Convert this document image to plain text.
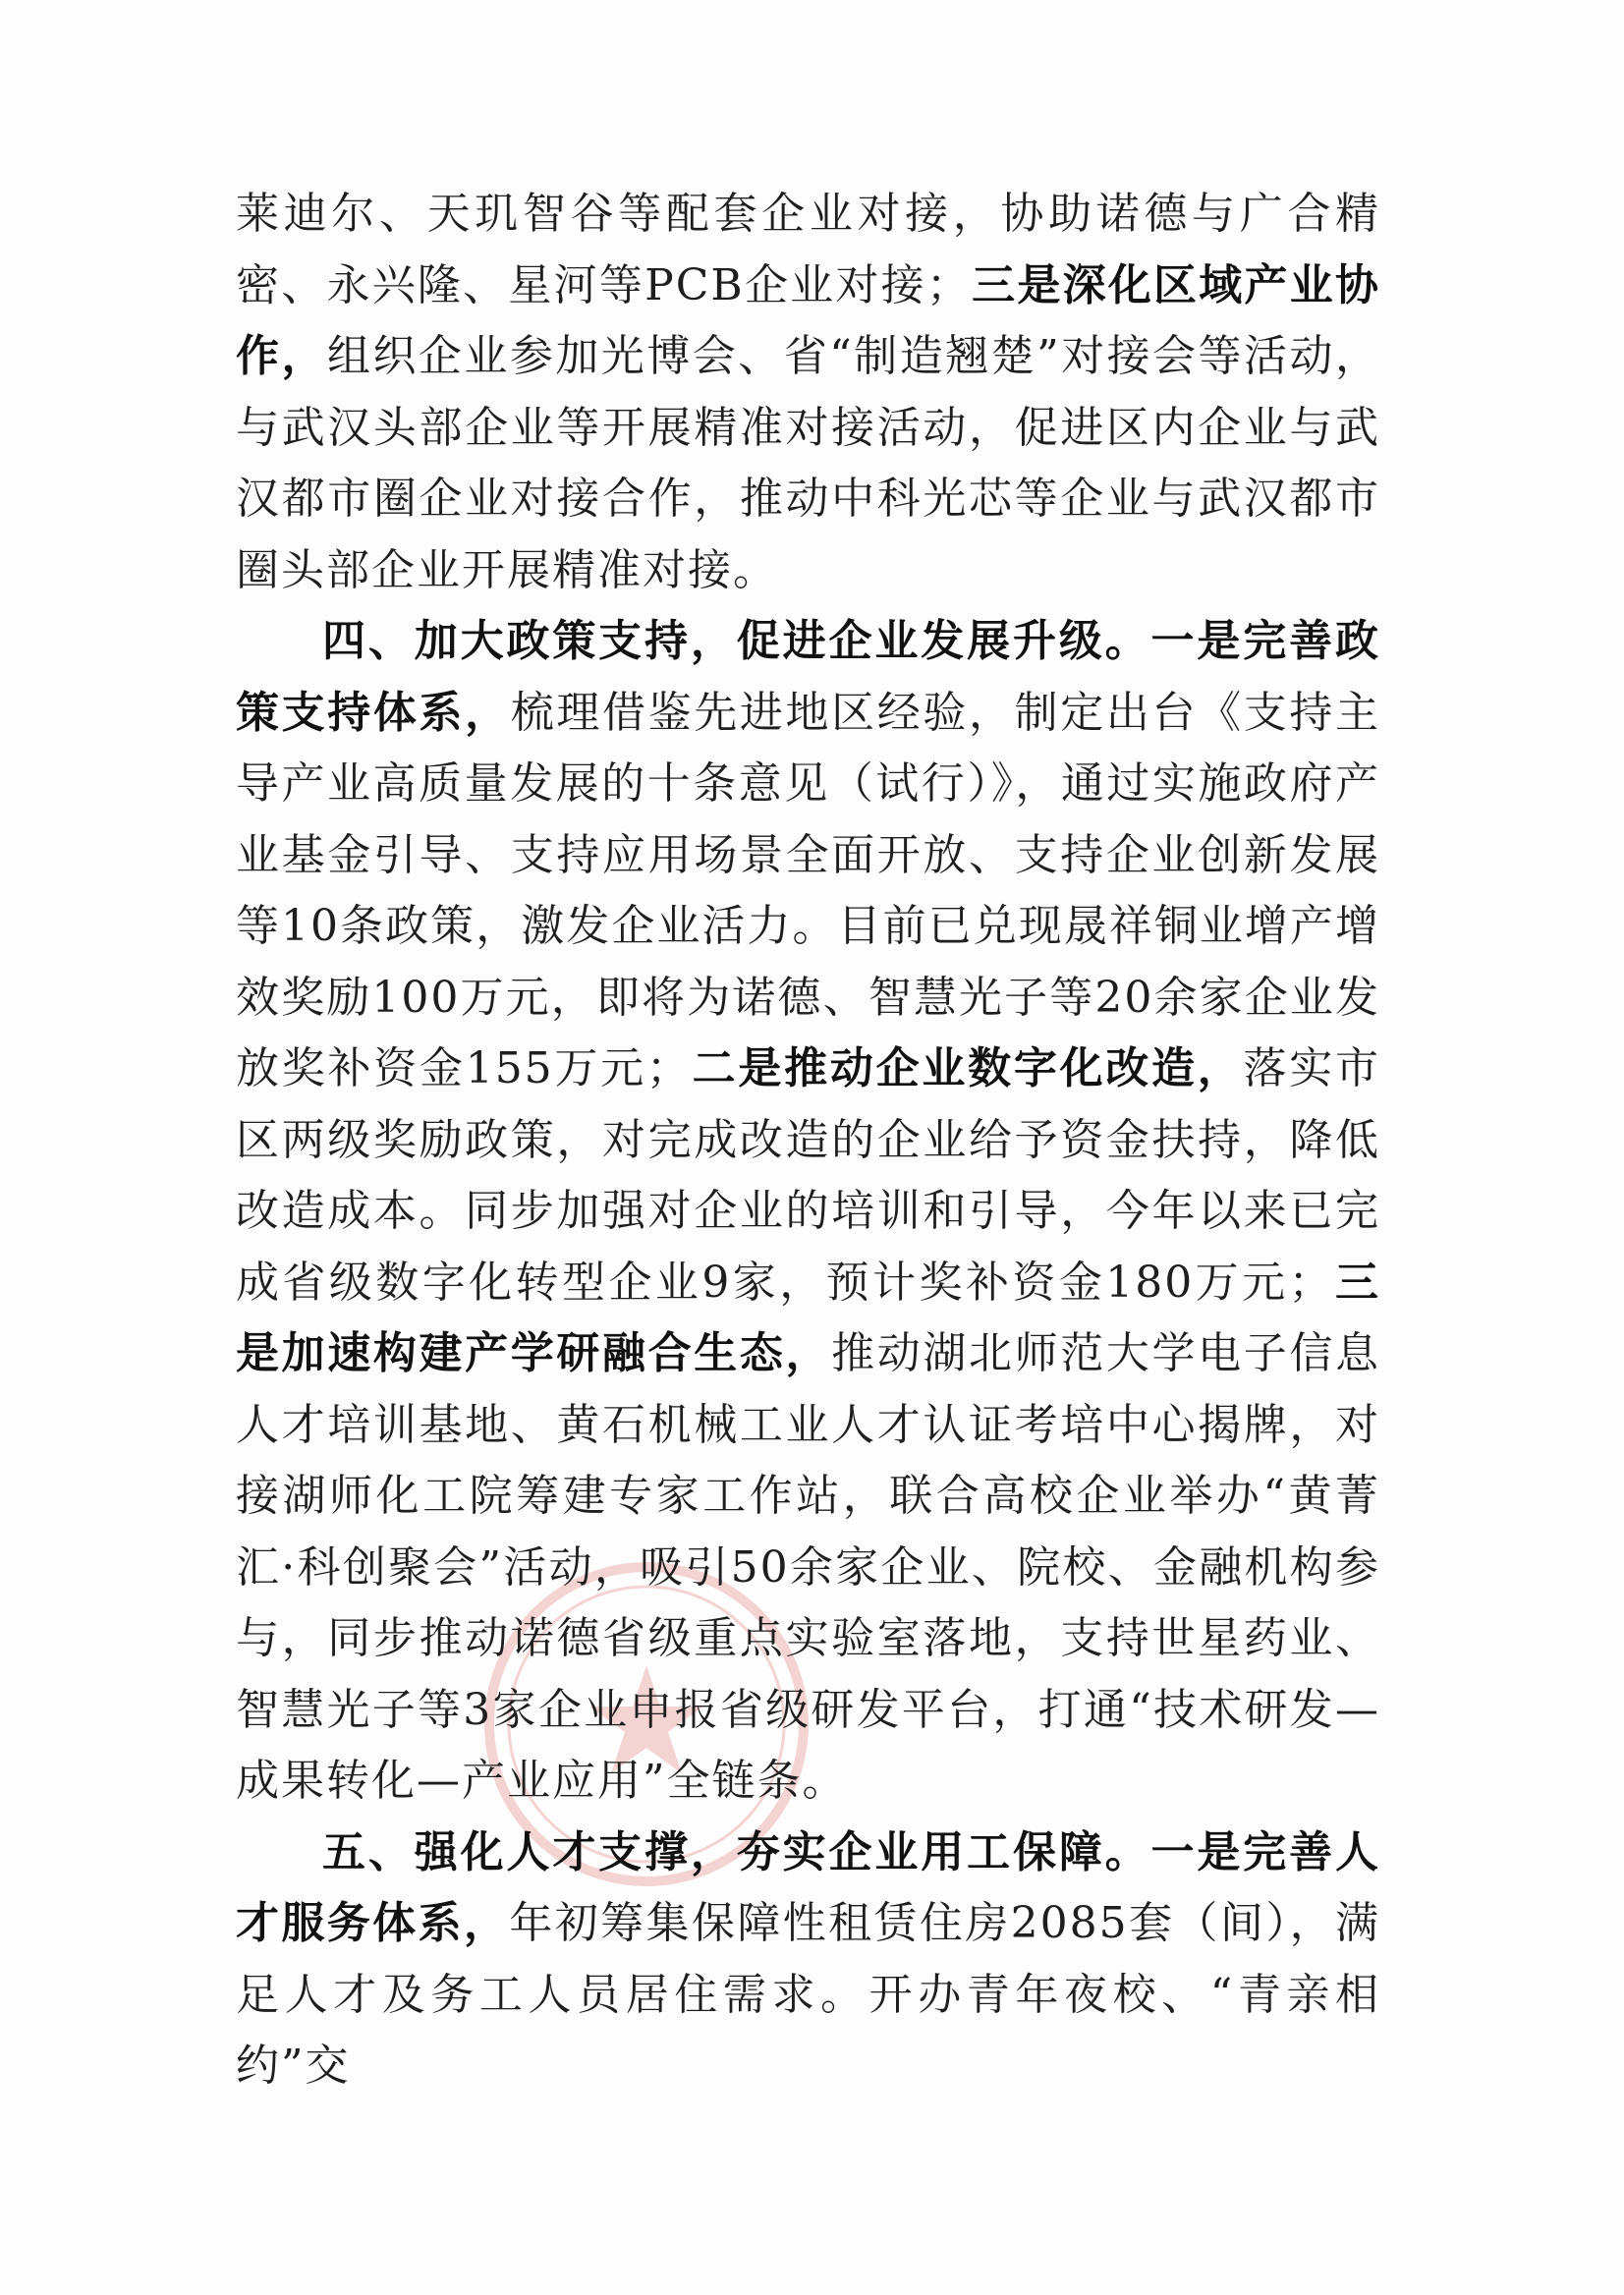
莱迪尔、天玑智谷等配套企业对接，协助诺德与广合精密、永兴隆、星河等PCB企业对接；三是深化区域产业协作，组织企业参加光博会、省“制造翘楚”对接会等活动，与武汉头部企业等开展精准对接活动，促进区内企业与武汉都市圈企业对接合作，推动中科光芯等企业与武汉都市圈头部企业开展精准对接。

四、加大政策支持，促进企业发展升级。一是完善政策支持体系，梳理借鉴先进地区经验，制定出台《支持主导产业高质量发展的十条意见（试行）》，通过实施政府产业基金引导、支持应用场景全面开放、支持企业创新发展等10条政策，激发企业活力。目前已兑现晟祥铜业增产增效奖励100万元，即将为诺德、智慧光子等20余家企业发放奖补资金155万元；二是推动企业数字化改造，落实市区两级奖励政策，对完成改造的企业给予资金扶持，降低改造成本。同步加强对企业的培训和引导，今年以来已完成省级数字化转型企业9家，预计奖补资金180万元；三是加速构建产学研融合生态，推动湖北师范大学电子信息人才培训基地、黄石机械工业人才认证考培中心揭牌，对接湖师化工院筹建专家工作站，联合高校企业举办“黄菁汇·科创聚会”活动，吸引50余家企业、院校、金融机构参与，同步推动诺德省级重点实验室落地，支持世星药业、智慧光子等3家企业申报省级研发平台，打通“技术研发—成果转化—产业应用”全链条。

五、强化人才支撑，夯实企业用工保障。一是完善人才服务体系，年初筹集保障性租赁住房2085套（间），满足人才及务工人员居住需求。开办青年夜校、“青亲相约”交
